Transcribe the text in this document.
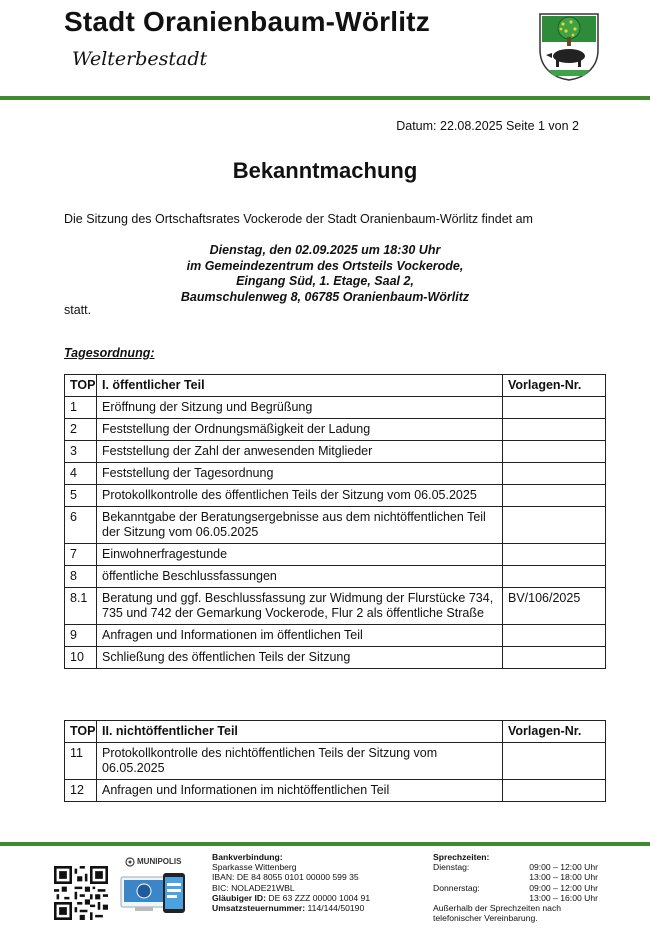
Stadt Oranienbaum-Wörlitz
Welterbestadt
Datum: 22.08.2025 Seite 1 von 2
Bekanntmachung
Die Sitzung des Ortschaftsrates Vockerode der Stadt Oranienbaum-Wörlitz findet am
Dienstag, den 02.09.2025 um 18:30 Uhr
im Gemeindezentrum des Ortsteils Vockerode,
Eingang Süd, 1. Etage, Saal 2,
Baumschulenweg 8, 06785 Oranienbaum-Wörlitz
statt.
Tagesordnung:
TOP	I. öffentlicher Teil	Vorlagen-Nr.
1	Eröffnung der Sitzung und Begrüßung	
2	Feststellung der Ordnungsmäßigkeit der Ladung	
3	Feststellung der Zahl der anwesenden Mitglieder	
4	Feststellung der Tagesordnung	
5	Protokollkontrolle des öffentlichen Teils der Sitzung vom 06.05.2025	
6	Bekanntgabe der Beratungsergebnisse aus dem nichtöffentlichen Teil der Sitzung vom 06.05.2025	
7	Einwohnerfragestunde	
8	öffentliche Beschlussfassungen	
8.1	Beratung und ggf. Beschlussfassung zur Widmung der Flurstücke 734, 735 und 742 der Gemarkung Vockerode, Flur 2 als öffentliche Straße	BV/106/2025
9	Anfragen und Informationen im öffentlichen Teil	
10	Schließung des öffentlichen Teils der Sitzung	
TOP	II. nichtöffentlicher Teil	Vorlagen-Nr.
11	Protokollkontrolle des nichtöffentlichen Teils der Sitzung vom 06.05.2025	
12	Anfragen und Informationen im nichtöffentlichen Teil	
MUNIPOLIS	Bankverbindung:
Sparkasse Wittenberg
IBAN: DE 84 8055 0101 00000 599 35
BIC: NOLADE21WBL
Gläubiger ID: DE 63 ZZZ 00000 1004 91
Umsatzsteuernummer: 114/144/50190
Sprechzeiten:
Dienstag:	09:00 – 12:00 Uhr
13:00 – 18:00 Uhr
Donnerstag:	09:00 – 12:00 Uhr
13:00 – 16:00 Uhr
Außerhalb der Sprechzeiten nach telefonischer Vereinbarung.
